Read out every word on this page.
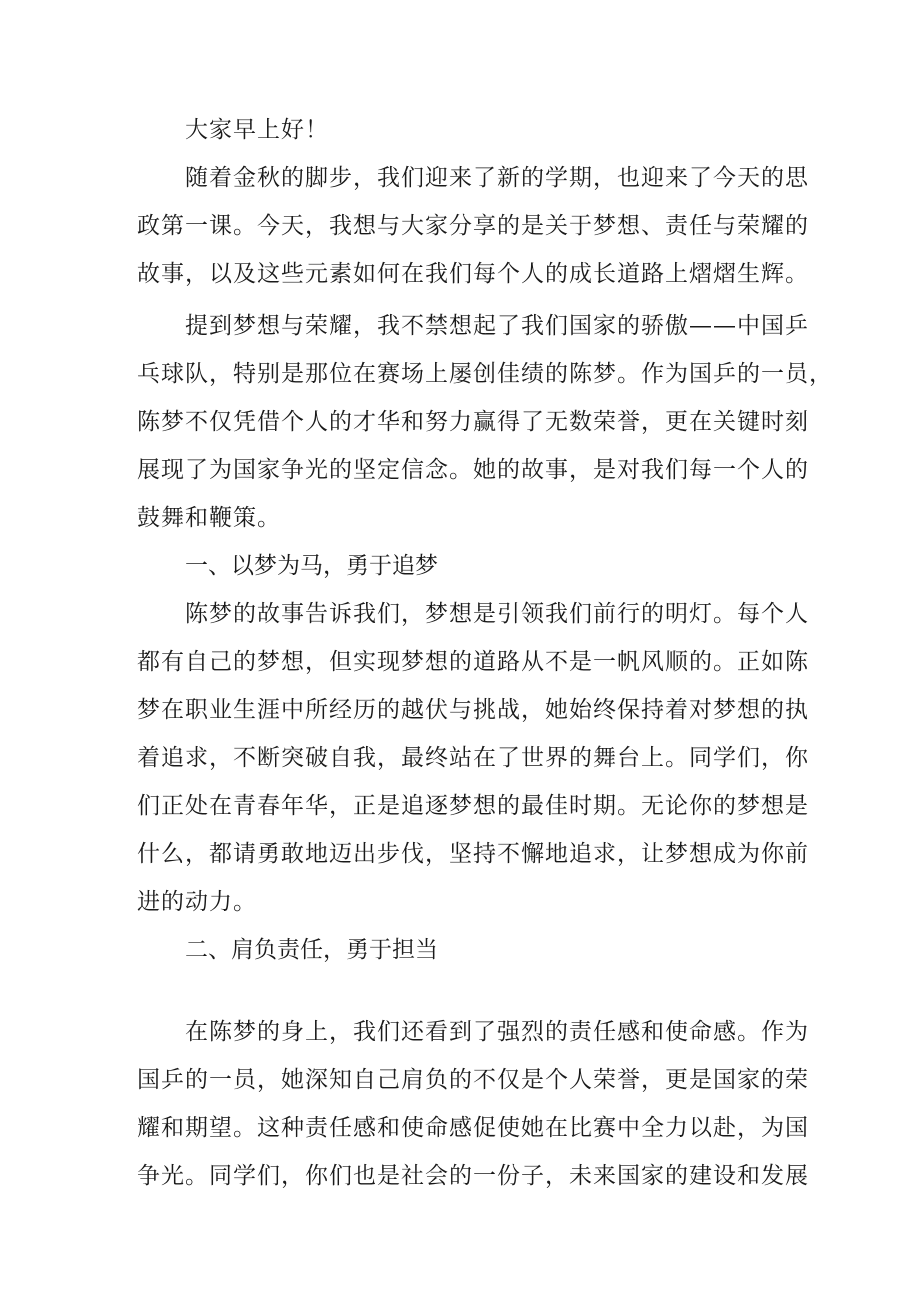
大家早上好！
随着金秋的脚步，我们迎来了新的学期，也迎来了今天的思
政第一课。今天，我想与大家分享的是关于梦想、责任与荣耀的
故事，以及这些元素如何在我们每个人的成长道路上熠熠生辉。
提到梦想与荣耀，我不禁想起了我们国家的骄傲——中国乒
乓球队，特别是那位在赛场上屡创佳绩的陈梦。作为国乒的一员，
陈梦不仅凭借个人的才华和努力赢得了无数荣誉，更在关键时刻
展现了为国家争光的坚定信念。她的故事，是对我们每一个人的
鼓舞和鞭策。
一、以梦为马，勇于追梦
陈梦的故事告诉我们，梦想是引领我们前行的明灯。每个人
都有自己的梦想，但实现梦想的道路从不是一帆风顺的。正如陈
梦在职业生涯中所经历的越伏与挑战，她始终保持着对梦想的执
着追求，不断突破自我，最终站在了世界的舞台上。同学们，你
们正处在青春年华，正是追逐梦想的最佳时期。无论你的梦想是
什么，都请勇敢地迈出步伐，坚持不懈地追求，让梦想成为你前
进的动力。
二、肩负责任，勇于担当
在陈梦的身上，我们还看到了强烈的责任感和使命感。作为
国乒的一员，她深知自己肩负的不仅是个人荣誉，更是国家的荣
耀和期望。这种责任感和使命感促使她在比赛中全力以赴，为国
争光。同学们，你们也是社会的一份子，未来国家的建设和发展
